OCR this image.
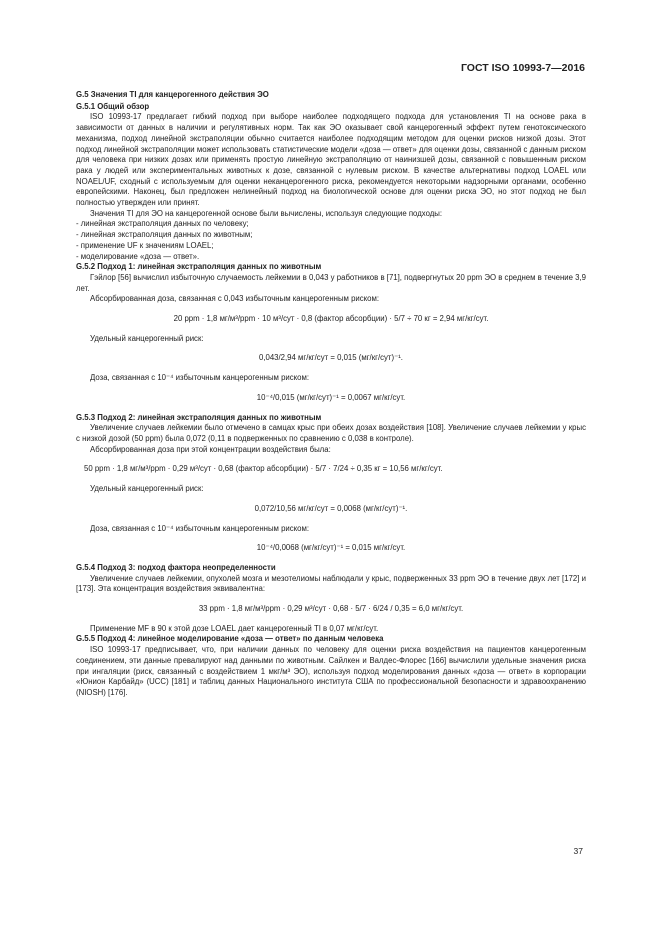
ГОСТ ISO 10993-7—2016

G.5 Значения TI для канцерогенного действия ЭО

G.5.1 Общий обзор

ISO 10993-17 предлагает гибкий подход при выборе наиболее подходящего подхода для установления TI на основе рака в зависимости от данных в наличии и регулятивных норм. Так как ЭО оказывает свой канцерогенный эффект путем генотоксического механизма, подход линейной экстраполяции обычно считается наиболее подходящим методом для оценки рисков низкой дозы. Этот подход линейной экстраполяции может использовать статистические модели «доза — ответ» для оценки дозы, связанной с данным риском для человека при низких дозах или применять простую линейную экстраполяцию от наинизшей дозы, связанной с повышенным риском рака у людей или экспериментальных животных к дозе, связанной с нулевым риском. В качестве альтернативы подход LOAEL или NOAEL/UF, сходный с используемым для оценки неканцерогенного риска, рекомендуется некоторыми надзорными органами, особенно европейскими. Наконец, был предложен нелинейный подход на биологической основе для оценки риска ЭО, но этот подход не был полностью утвержден или принят.

Значения TI для ЭО на канцерогенной основе были вычислены, используя следующие подходы:

- линейная экстраполяция данных по человеку;

- линейная экстраполяция данных по животным;

- применение UF к значениям LOAEL;

- моделирование «доза — ответ».

G.5.2 Подход 1: линейная экстраполяция данных по животным

Гэйлор [56] вычислил избыточную случаемость лейкемии в 0,043 у работников в [71], подвергнутых 20 ppm ЭО в среднем в течение 3,9 лет.

Абсорбированная доза, связанная с 0,043 избыточным канцерогенным риском:

20 ppm · 1,8 мг/м³/ppm · 10 м³/сут · 0,8 (фактор абсорбции) · 5/7 ÷ 70 кг = 2,94 мг/кг/сут.

Удельный канцерогенный риск:

0,043/2,94 мг/кг/сут = 0,015 (мг/кг/сут)⁻¹.

Доза, связанная с 10⁻⁴ избыточным канцерогенным риском:

10⁻⁴/0,015 (мг/кг/сут)⁻¹ = 0,0067 мг/кг/сут.

G.5.3 Подход 2: линейная экстраполяция данных по животным

Увеличение случаев лейкемии было отмечено в самцах крыс при обеих дозах воздействия [108]. Увеличение случаев лейкемии у крыс с низкой дозой (50 ppm) была 0,072 (0,11 в подверженных по сравнению с 0,038 в контроле).

Абсорбированная доза при этой концентрации воздействия была:

50 ppm · 1,8 мг/м³/ppm · 0,29 м³/сут · 0,68 (фактор абсорбции) · 5/7 · 7/24 ÷ 0,35 кг = 10,56 мг/кг/сут.

Удельный канцерогенный риск:

0,072/10,56 мг/кг/сут = 0,0068 (мг/кг/сут)⁻¹.

Доза, связанная с 10⁻⁴ избыточным канцерогенным риском:

10⁻⁴/0,0068 (мг/кг/сут)⁻¹ = 0,015 мг/кг/сут.

G.5.4 Подход 3: подход фактора неопределенности

Увеличение случаев лейкемии, опухолей мозга и мезотелиомы наблюдали у крыс, подверженных 33 ppm ЭО в течение двух лет [172] и [173]. Эта концентрация воздействия эквивалентна:

33 ppm · 1,8 мг/м³/ppm · 0,29 м³/сут · 0,68 · 5/7 · 6/24 / 0,35 = 6,0 мг/кг/сут.

Применение MF в 90 к этой дозе LOAEL дает канцерогенный TI в 0,07 мг/кг/сут.

G.5.5 Подход 4: линейное моделирование «доза — ответ» по данным человека

ISO 10993-17 предписывает, что, при наличии данных по человеку для оценки риска воздействия на пациентов канцерогенным соединением, эти данные превалируют над данными по животным. Сайлкен и Валдес-Флорес [166] вычислили удельные значения риска при ингаляции (риск, связанный с воздействием 1 мкг/м³ ЭО), используя подход моделирования данных «доза — ответ» в корпорации «Юнион Карбайд» (UCC) [181] и таблиц данных Национального института США по профессиональной безопасности и здравоохранению (NIOSH) [176].

37
